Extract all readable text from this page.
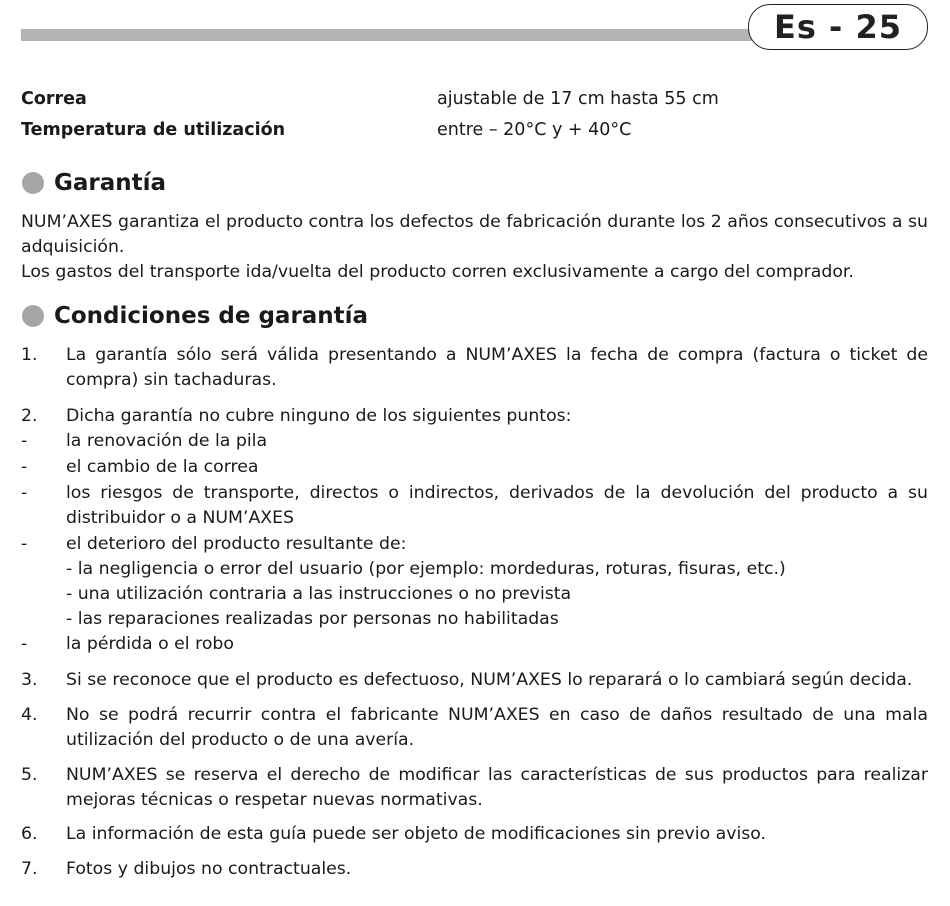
Es - 25
Correa	ajustable de 17 cm hasta 55 cm
Temperatura de utilización	entre – 20°C y + 40°C
Garantía

NUM’AXES garantiza el producto contra los defectos de fabricación durante los 2 años consecutivos a su adquisición.
Los gastos del transporte ida/vuelta del producto corren exclusivamente a cargo del comprador.

Condiciones de garantía
1. La garantía sólo será válida presentando a NUM’AXES la fecha de compra (factura o ticket de compra) sin tachaduras.
2. Dicha garantía no cubre ninguno de los siguientes puntos:
- la renovación de la pila
- el cambio de la correa
- los riesgos de transporte, directos o indirectos, derivados de la devolución del producto a su distribuidor o a NUM’AXES
- el deterioro del producto resultante de:
- la negligencia o error del usuario (por ejemplo: mordeduras, roturas, fisuras, etc.)
- una utilización contraria a las instrucciones o no prevista
- las reparaciones realizadas por personas no habilitadas
- la pérdida o el robo
3. Si se reconoce que el producto es defectuoso, NUM’AXES lo reparará o lo cambiará según decida.
4. No se podrá recurrir contra el fabricante NUM’AXES en caso de daños resultado de una mala utilización del producto o de una avería.
5. NUM’AXES se reserva el derecho de modificar las características de sus productos para realizar mejoras técnicas o respetar nuevas normativas.
6. La información de esta guía puede ser objeto de modificaciones sin previo aviso.
7. Fotos y dibujos no contractuales.
